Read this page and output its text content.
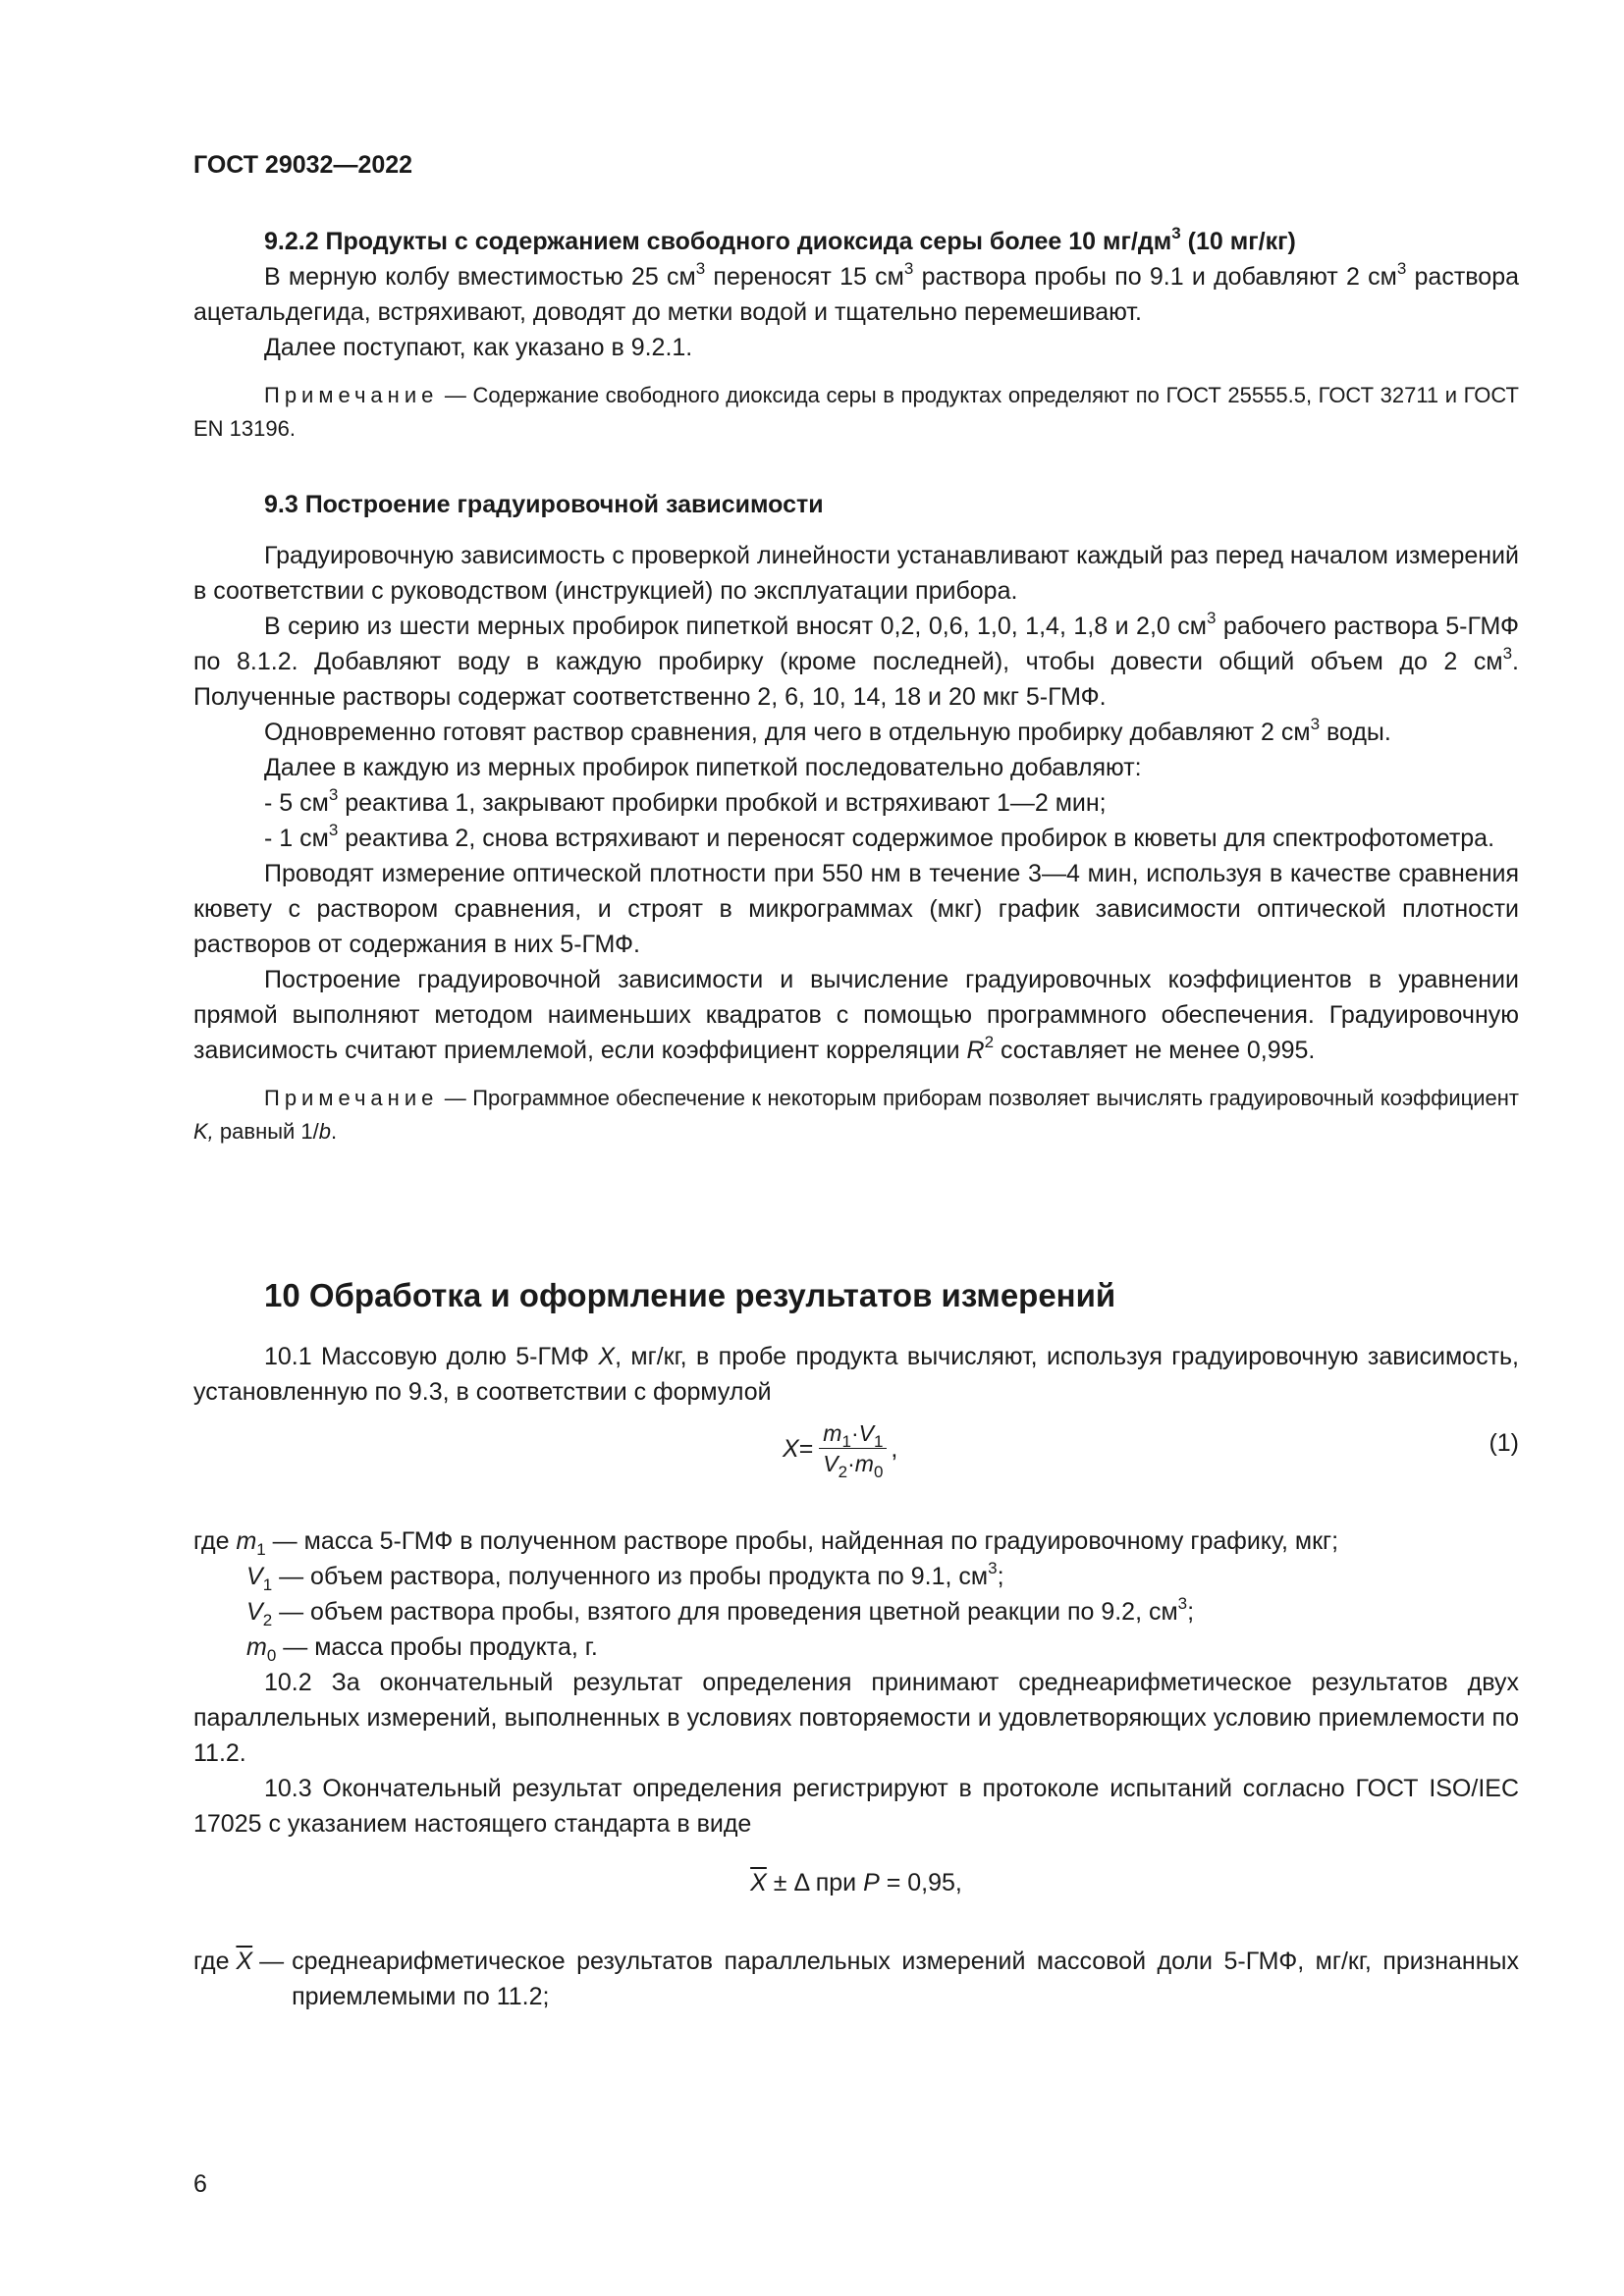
ГОСТ 29032—2022

9.2.2 Продукты с содержанием свободного диоксида серы более 10 $мг/дм^3$ (10 мг/кг)

В мерную колбу вместимостью 25 $см^3$ переносят 15 $см^3$ раствора пробы по 9.1 и добавляют 2 $см^3$ раствора ацетальдегида, встряхивают, доводят до метки водой и тщательно перемешивают.

Далее поступают, как указано в 9.2.1.

Примечание — Содержание свободного диоксида серы в продуктах определяют по ГОСТ 25555.5, ГОСТ 32711 и ГОСТ EN 13196.

9.3 Построение градуировочной зависимости

Градуировочную зависимость с проверкой линейности устанавливают каждый раз перед началом измерений в соответствии с руководством (инструкцией) по эксплуатации прибора.

В серию из шести мерных пробирок пипеткой вносят 0,2, 0,6, 1,0, 1,4, 1,8 и 2,0 $см^3$ рабочего раствора 5-ГМФ по 8.1.2. Добавляют воду в каждую пробирку (кроме последней), чтобы довести общий объем до 2 $см^3$. Полученные растворы содержат соответственно 2, 6, 10, 14, 18 и 20 мкг 5-ГМФ.

Одновременно готовят раствор сравнения, для чего в отдельную пробирку добавляют 2 $см^3$ воды.

Далее в каждую из мерных пробирок пипеткой последовательно добавляют:

- 5 $см^3$ реактива 1, закрывают пробирки пробкой и встряхивают 1—2 мин;

- 1 $см^3$ реактива 2, снова встряхивают и переносят содержимое пробирок в кюветы для спектрофотометра.

Проводят измерение оптической плотности при 550 нм в течение 3—4 мин, используя в качестве сравнения кювету с раствором сравнения, и строят в микрограммах (мкг) график зависимости оптической плотности растворов от содержания в них 5-ГМФ.

Построение градуировочной зависимости и вычисление градуировочных коэффициентов в уравнении прямой выполняют методом наименьших квадратов с помощью программного обеспечения. Градуировочную зависимость считают приемлемой, если коэффициент корреляции $R^2$ составляет не менее 0,995.

Примечание — Программное обеспечение к некоторым приборам позволяет вычислять градуировочный коэффициент K, равный 1/b.

10 Обработка и оформление результатов измерений

10.1 Массовую долю 5-ГМФ X, мг/кг, в пробе продукта вычисляют, используя градуировочную зависимость, установленную по 9.3, в соответствии с формулой

$X = \frac{m_1\cdot V_1}{V_2\cdot m_0}$ ,	(1)

где $m_1$ — масса 5-ГМФ в полученном растворе пробы, найденная по градуировочному графику, мкг;

$V_1$ — объем раствора, полученного из пробы продукта по 9.1, $см^3$;

$V_2$ — объем раствора пробы, взятого для проведения цветной реакции по 9.2, $см^3$;

$m_0$ — масса пробы продукта, г.

10.2 За окончательный результат определения принимают среднеарифметическое результатов двух параллельных измерений, выполненных в условиях повторяемости и удовлетворяющих условию приемлемости по 11.2.

10.3 Окончательный результат определения регистрируют в протоколе испытаний согласно ГОСТ ISO/IEC 17025 с указанием настоящего стандарта в виде

$\overline{X} \pm \Delta$ при P = 0,95,

где $\overline{X}$ — среднеарифметическое результатов параллельных измерений массовой доли 5-ГМФ, мг/кг, признанных приемлемыми по 11.2;
6
